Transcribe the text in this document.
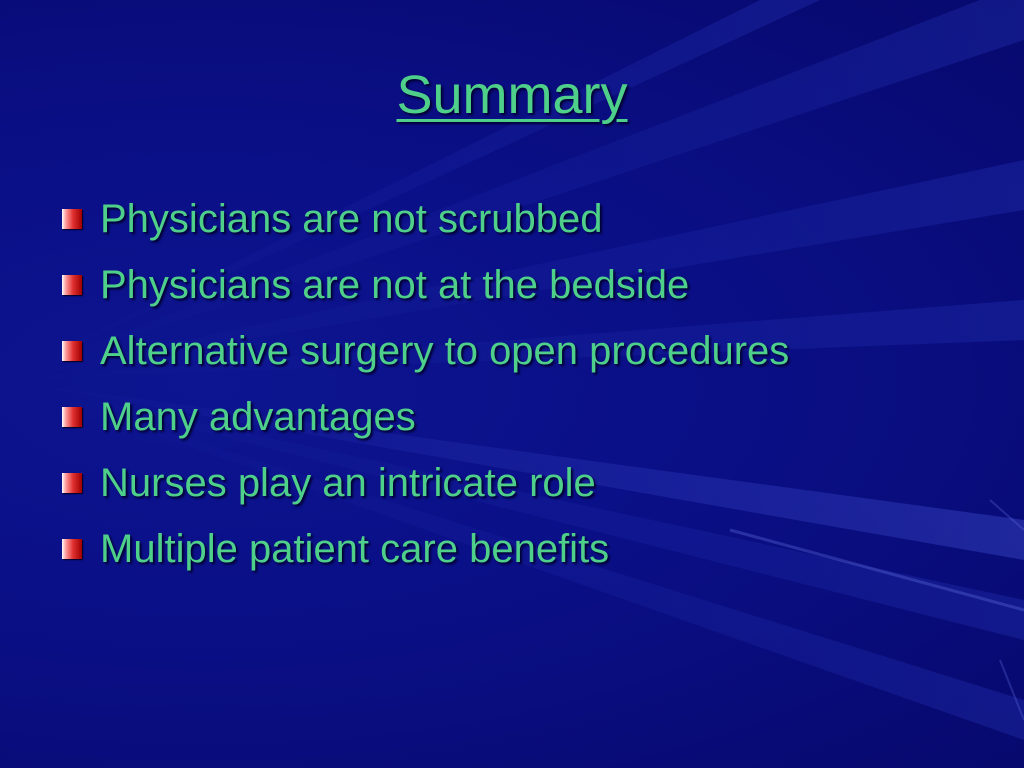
Summary
Physicians are not scrubbed
Physicians are not at the bedside
Alternative surgery to open procedures
Many advantages
Nurses play an intricate role
Multiple patient care benefits
